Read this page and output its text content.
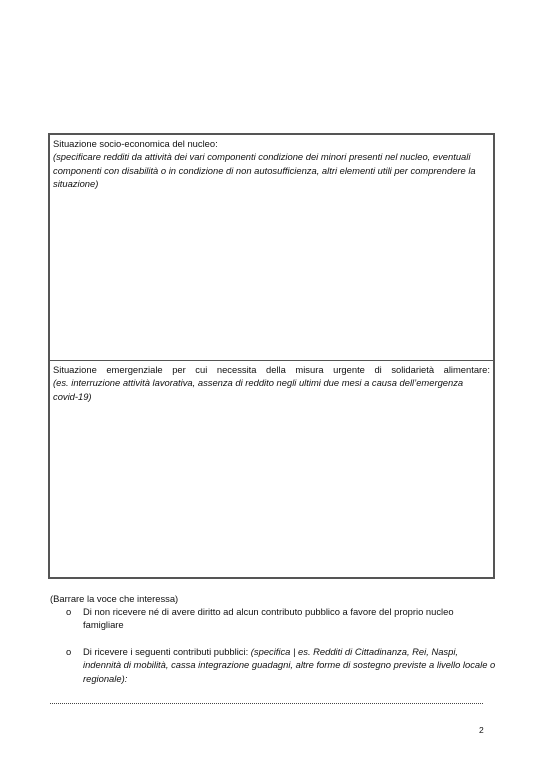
Situazione socio-economica del nucleo:
(specificare redditi da attività dei vari componenti condizione dei minori presenti nel nucleo, eventuali componenti con disabilità o in condizione di non autosufficienza, altri elementi utili per comprendere la situazione)
Situazione emergenziale per cui necessita della misura urgente di solidarietà alimentare:
(es. interruzione attività lavorativa, assenza di reddito negli ultimi due mesi a causa dell’emergenza covid-19)
(Barrare la voce che interessa)
o Di non ricevere né di avere diritto ad alcun contributo pubblico a favore del proprio nucleo famigliare
o Di ricevere i seguenti contributi pubblici: (specifica | es. Redditi di Cittadinanza, Rei, Naspi, indennità di mobilità, cassa integrazione guadagni, altre forme di sostegno previste a livello locale o regionale):
2
